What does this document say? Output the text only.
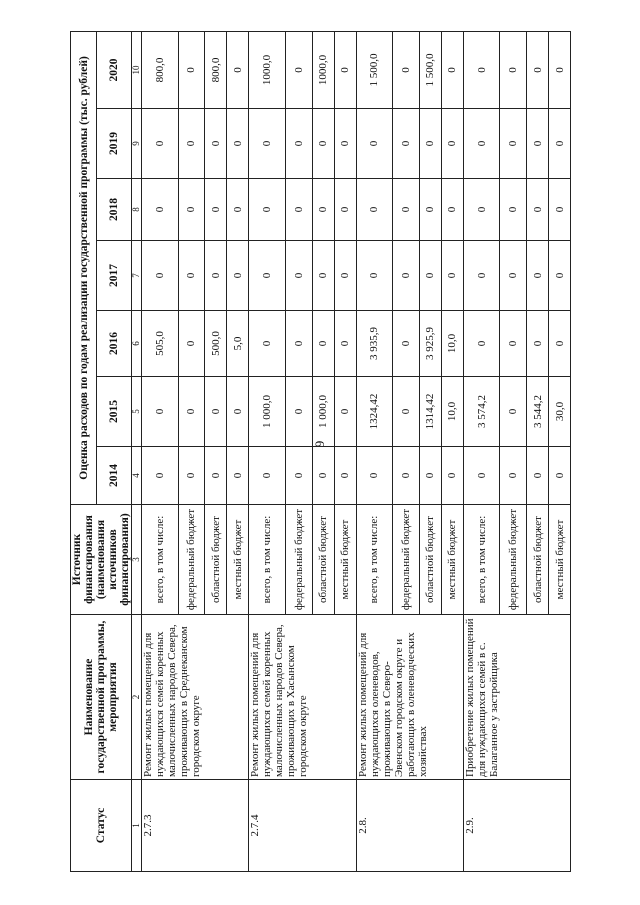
9
Статус	Наименование государственной программы, мероприятия	Источник финансирования (наименования источников финансирования)	Оценка расходов по годам реализации государственной программы (тыс. рублей)						
			2014	2015	2016	2017	2018	2019	2020
1	2	3	4	5	6	7	8	9	10
2.7.3	Ремонт жилых помещений для нуждающихся семей коренных малочисленных народов Севера, проживающих в Среднеканском городском округе	всего, в том числе:	0	0	505,0	0	0	0	800,0
		федеральный бюджет	0	0	0	0	0	0	0
		областной бюджет	0	0	500,0	0	0	0	800,0
		местный бюджет	0	0	5,0	0	0	0	0
2.7.4	Ремонт жилых помещений для нуждающихся семей коренных малочисленных народов Севера, проживающих в Хасынском городском округе	всего, в том числе:	0	1 000,0	0	0	0	0	1000,0
		федеральный бюджет	0	0	0	0	0	0	0
		областной бюджет	0	1 000,0	0	0	0	0	1000,0
		местный бюджет	0	0	0	0	0	0	0
2.8.	Ремонт жилых помещений для нуждающихся оленеводов, проживающих в Северо-Эвенском городском округе и работающих в оленеводческих хозяйствах	всего, в том числе:	0	1324,42	3 935,9	0	0	0	1 500,0
		федеральный бюджет	0	0	0	0	0	0	0
		областной бюджет	0	1314,42	3 925,9	0	0	0	1 500,0
		местный бюджет	0	10,0	10,0	0	0	0	0
2.9.	Приобретение жилых помещений для нуждающихся семей в с. Балаганное у застройщика	всего, в том числе:	0	3 574,2	0	0	0	0	0
		федеральный бюджет	0	0	0	0	0	0	0
		областной бюджет	0	3 544,2	0	0	0	0	0
		местный бюджет	0	30,0	0	0	0	0	0
